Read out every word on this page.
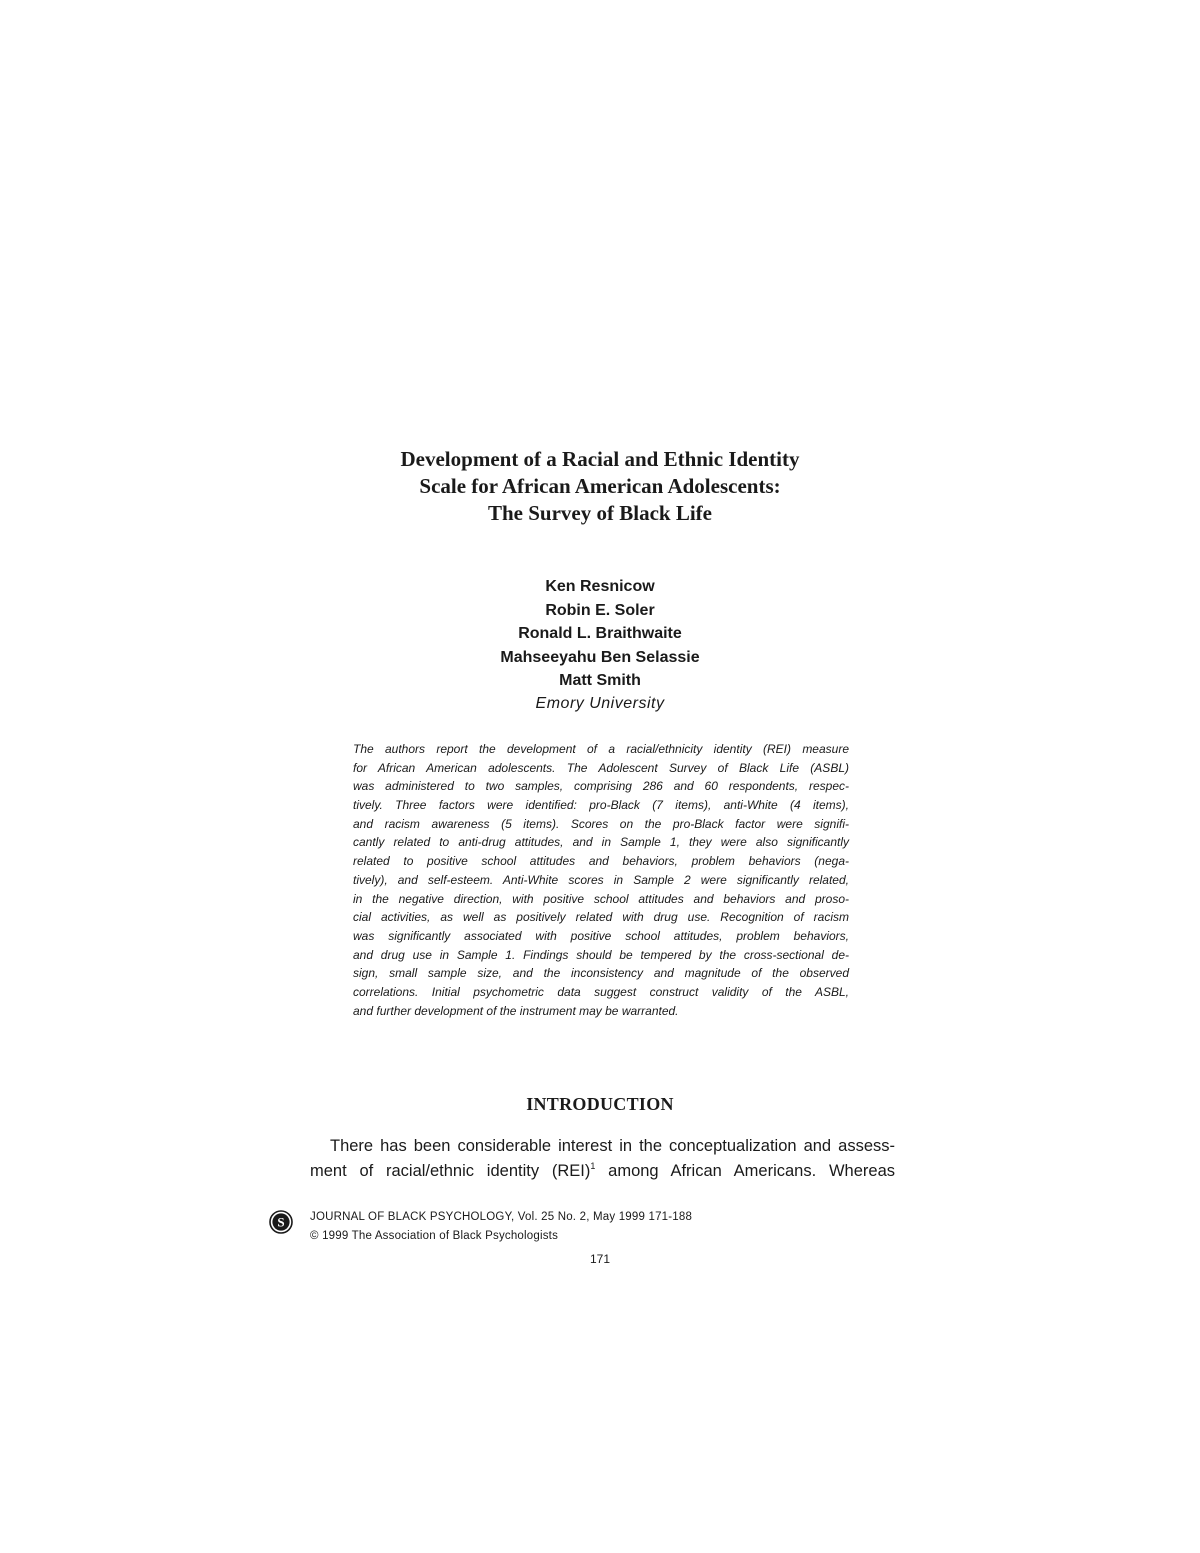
Development of a Racial and Ethnic Identity
Scale for African American Adolescents:
The Survey of Black Life
Ken Resnicow
Robin E. Soler
Ronald L. Braithwaite
Mahseeyahu Ben Selassie
Matt Smith
Emory University
The authors report the development of a racial/ethnicity identity (REI) measure
for African American adolescents. The Adolescent Survey of Black Life (ASBL)
was administered to two samples, comprising 286 and 60 respondents, respec-
tively. Three factors were identified: pro-Black (7 items), anti-White (4 items),
and racism awareness (5 items). Scores on the pro-Black factor were signifi-
cantly related to anti-drug attitudes, and in Sample 1, they were also significantly
related to positive school attitudes and behaviors, problem behaviors (nega-
tively), and self-esteem. Anti-White scores in Sample 2 were significantly related,
in the negative direction, with positive school attitudes and behaviors and proso-
cial activities, as well as positively related with drug use. Recognition of racism
was significantly associated with positive school attitudes, problem behaviors,
and drug use in Sample 1. Findings should be tempered by the cross-sectional de-
sign, small sample size, and the inconsistency and magnitude of the observed
correlations. Initial psychometric data suggest construct validity of the ASBL,
and further development of the instrument may be warranted.
INTRODUCTION
There has been considerable interest in the conceptualization and assess-
ment of racial/ethnic identity (REI)$^1$ among African Americans. Whereas
S JOURNAL OF BLACK PSYCHOLOGY, Vol. 25 No. 2, May 1999 171-188
© 1999 The Association of Black Psychologists
171
